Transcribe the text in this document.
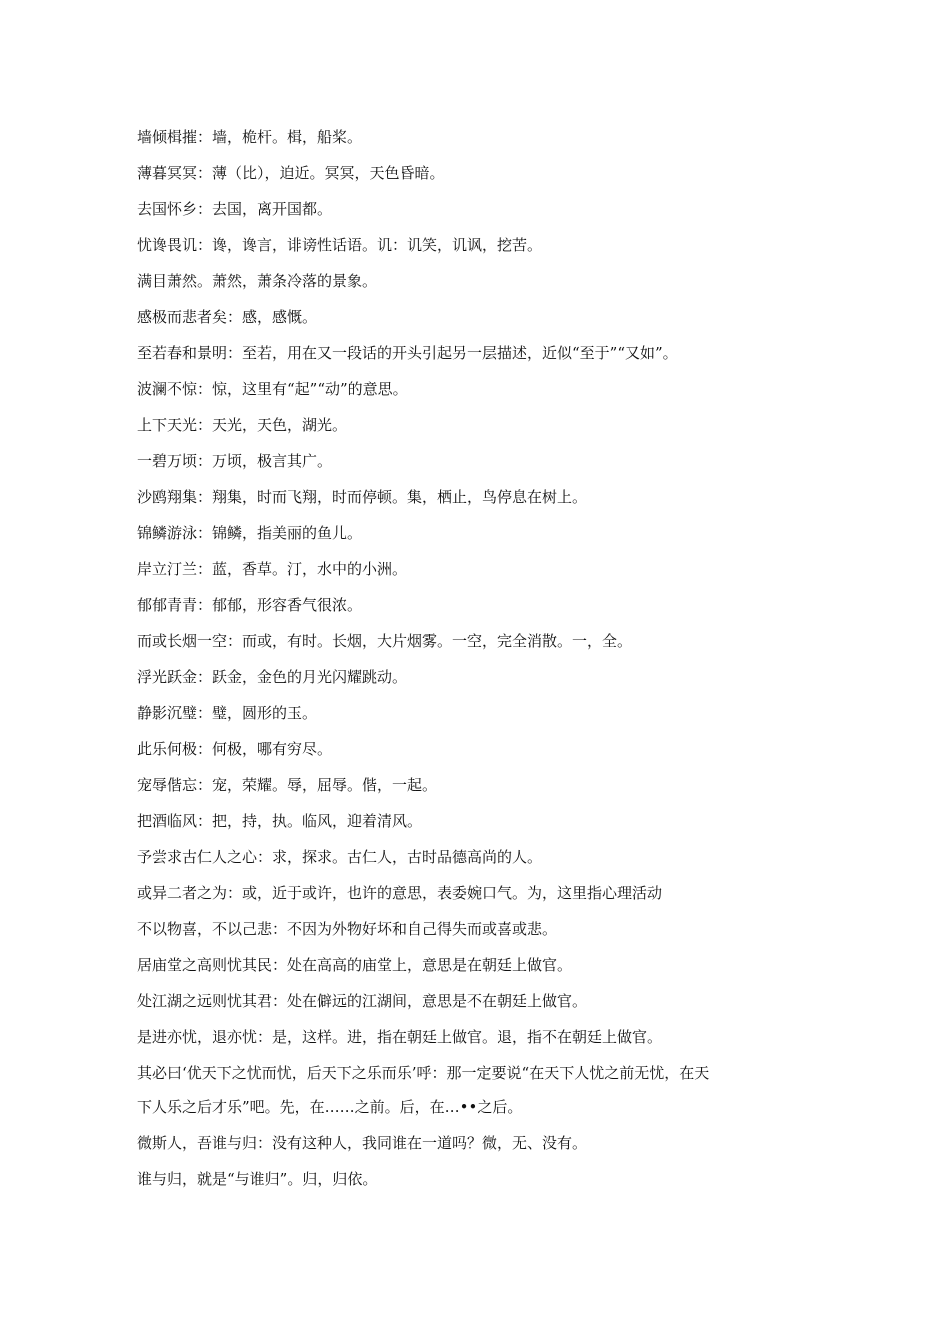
墙倾楫摧：墙，桅杆。楫，船桨。
薄暮冥冥：薄（比），迫近。冥冥，天色昏暗。
去国怀乡：去国，离开国都。
忧谗畏讥：谗，谗言，诽谤性话语。讥：讥笑，讥讽，挖苦。
满目萧然。萧然，萧条冷落的景象。
感极而悲者矣：感，感慨。
至若春和景明：至若，用在又一段话的开头引起另一层描述，近似“至于”“又如”。
波澜不惊：惊，这里有“起”“动”的意思。
上下天光：天光，天色，湖光。
一碧万顷：万顷，极言其广。
沙鸥翔集：翔集，时而飞翔，时而停顿。集，栖止，鸟停息在树上。
锦鳞游泳：锦鳞，指美丽的鱼儿。
岸立汀兰：蓝，香草。汀，水中的小洲。
郁郁青青：郁郁，形容香气很浓。
而或长烟一空：而或，有时。长烟，大片烟雾。一空，完全消散。一，全。
浮光跃金：跃金，金色的月光闪耀跳动。
静影沉璧：璧，圆形的玉。
此乐何极：何极，哪有穷尽。
宠辱偕忘：宠，荣耀。辱，屈辱。偕，一起。
把酒临风：把，持，执。临风，迎着清风。
予尝求古仁人之心：求，探求。古仁人，古时品德高尚的人。
或异二者之为：或，近于或许，也许的意思，表委婉口气。为，这里指心理活动
不以物喜，不以己悲：不因为外物好坏和自己得失而或喜或悲。
居庙堂之高则忧其民：处在高高的庙堂上，意思是在朝廷上做官。
处江湖之远则忧其君：处在僻远的江湖间，意思是不在朝廷上做官。
是进亦忧，退亦忧：是，这样。进，指在朝廷上做官。退，指不在朝廷上做官。
其必曰‘优天下之忧而忧，后天下之乐而乐’呼：那一定要说“在天下人忧之前无忧，在天
下人乐之后才乐”吧。先，在……之前。后，在…••之后。
微斯人，吾谁与归：没有这种人，我同谁在一道吗？微，无、没有。
谁与归，就是“与谁归”。归，归依。
